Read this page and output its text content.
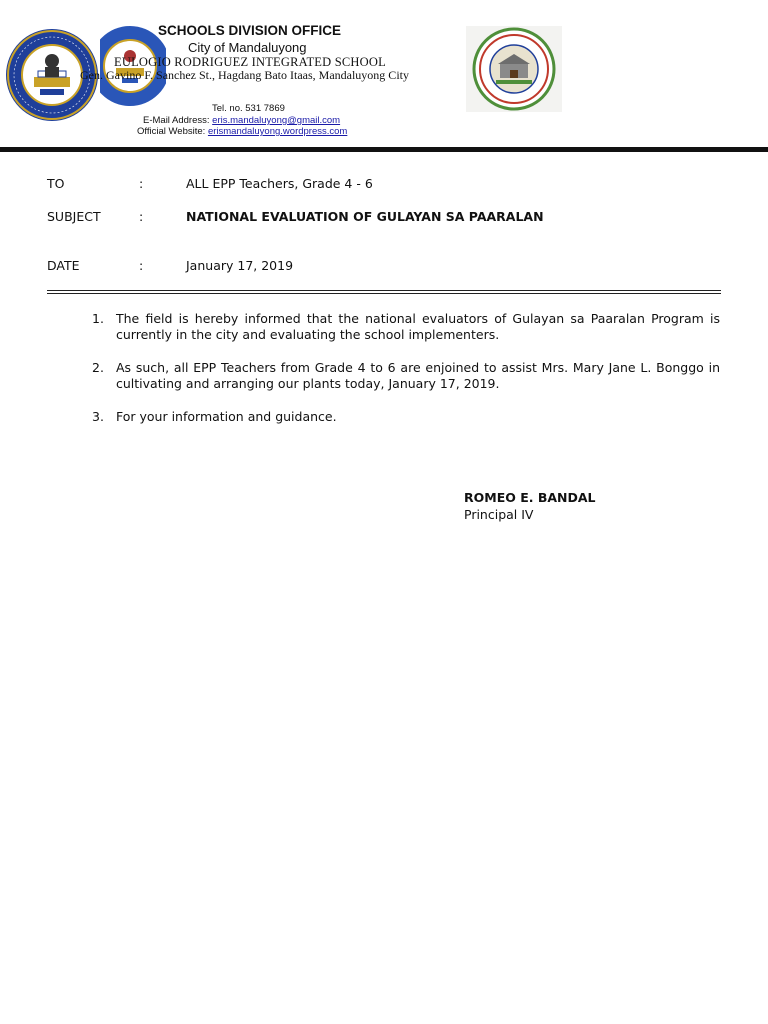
SCHOOLS DIVISION OFFICE
City of Mandaluyong
EULOGIO RODRIGUEZ INTEGRATED SCHOOL
Gen. Gavino F. Sanchez St., Hagdang Bato Itaas, Mandaluyong City
Tel. no. 531 7869
E-Mail Address: eris.mandaluyong@gmail.com
Official Website: erismandaluyong.wordpress.com
TO	:	ALL EPP Teachers, Grade 4 - 6
SUBJECT	:	NATIONAL EVALUATION OF GULAYAN SA PAARALAN
DATE	:	January 17, 2019
1. The field is hereby informed that the national evaluators of Gulayan sa Paaralan Program is currently in the city and evaluating the school implementers.
2. As such, all EPP Teachers from Grade 4 to 6 are enjoined to assist Mrs. Mary Jane L. Bonggo in cultivating and arranging our plants today, January 17, 2019.
3. For your information and guidance.
ROMEO E. BANDAL
Principal IV
